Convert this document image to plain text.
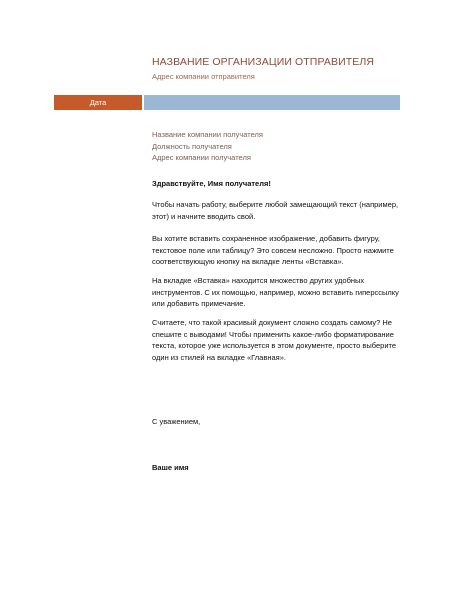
НАЗВАНИЕ ОРГАНИЗАЦИИ ОТПРАВИТЕЛЯ
Адрес компании отправителя
Дата
Название компании получателя
Должность получателя
Адрес компании получателя
Здравствуйте, Имя получателя!
Чтобы начать работу, выберите любой замещающий текст (например, этот) и начните вводить свой.
Вы хотите вставить сохраненное изображение, добавить фигуру, текстовое поле или таблицу? Это совсем несложно. Просто нажмите соответствующую кнопку на вкладке ленты «Вставка».
На вкладке «Вставка» находится множество других удобных инструментов. С их помощью, например, можно вставить гиперссылку или добавить примечание.
Считаете, что такой красивый документ сложно создать самому? Не спешите с выводами! Чтобы применить какое-либо форматирование текста, которое уже используется в этом документе, просто выберите один из стилей на вкладке «Главная».
С уважением,
Ваше имя
